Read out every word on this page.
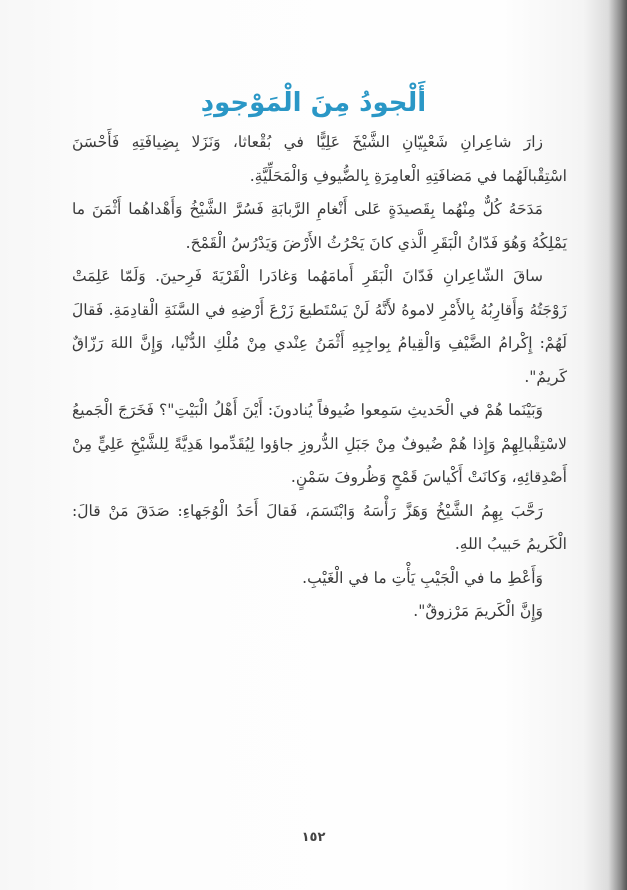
أَلْجودُ مِنَ الْمَوْجودِ

زارَ شاعِرانِ شَعْبِيّانِ الشَّيْخَ عَلِيًّا في بُقْعاثا، وَنَزَلا بِضِيافَتِهِ فَأَحْسَنَ اسْتِقْبالَهُما في مَضافَتِهِ الْعامِرَةِ بِالضُّيوفِ وَالْمَحَلِّيَّةِ.

مَدَحَهُ كُلٌّ مِنْهُما بِقَصيدَةٍ عَلى أَنْغامِ الرَّبابَةِ فَسُرَّ الشَّيْخُ وَأَهْداهُما أَثْمَنَ ما يَمْلِكُهُ وَهُوَ فَدّانُ الْبَقَرِ الَّذي كانَ يَحْرُثُ الأَرْضَ وَيَدْرُسُ الْقَمْحَ.

ساقَ الشّاعِرانِ فَدّانَ الْبَقَرِ أَمامَهُما وَغادَرا الْقَرْيَةَ فَرِحينَ. وَلَمّا عَلِمَتْ زَوْجَتُهُ وَأَقارِبُهُ بِالأَمْرِ لاموهُ لأَنَّهُ لَنْ يَسْتَطيعَ زَرْعَ أَرْضِهِ في السَّنَةِ الْقادِمَةِ. فَقالَ لَهُمْ: إِكْرامُ الضَّيْفِ وَالْقِيامُ بِواجِبِهِ أَثْمَنُ عِنْدي مِنْ مُلْكِ الدُّنْيا، وَإِنَّ اللهَ رَزّاقٌ كَريمٌ".

وَبَيْنَما هُمْ في الْحَديثِ سَمِعوا ضُيوفاً يُنادونَ: أَيْنَ أَهْلُ الْبَيْتِ"؟ فَخَرَجَ الْجَميعُ لاسْتِقْبالِهِمْ وَإِذا هُمْ ضُيوفٌ مِنْ جَبَلِ الدُّروزِ جاؤوا لِيُقَدِّموا هَدِيَّةً لِلشَّيْخِ عَلِيٍّ مِنْ أَصْدِقائِهِ، وَكانَتْ أَكْياسَ قَمْحٍ وَظُروفَ سَمْنٍ.

رَحَّبَ بِهِمُ الشَّيْخُ وَهَزَّ رَأْسَهُ وَابْتَسَمَ، فَقالَ أَحَدُ الْوُجَهاءِ: صَدَقَ مَنْ قالَ: الْكَريمُ حَبيبُ اللهِ.

وَأَعْطِ ما في الْجَيْبِ يَأْتِ ما في الْغَيْبِ.

وَإِنَّ الْكَريمَ مَرْزوقٌ".

١٥٢
